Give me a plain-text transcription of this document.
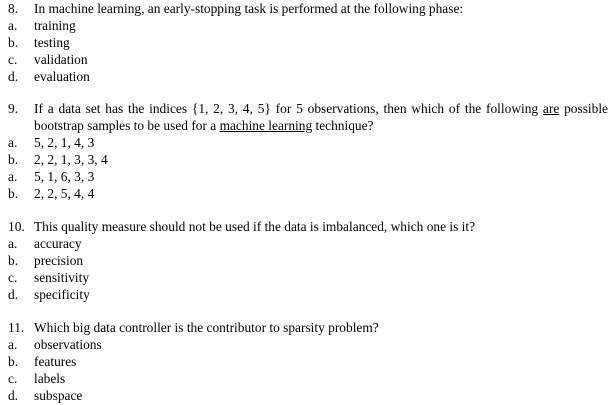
8. In machine learning, an early-stopping task is performed at the following phase:
a. training
b. testing
c. validation
d. evaluation
9. If a data set has the indices {1, 2, 3, 4, 5} for 5 observations, then which of the following are possible bootstrap samples to be used for a machine learning technique?
a. 5, 2, 1, 4, 3
b. 2, 2, 1, 3, 3, 4
a. 5, 1, 6, 3, 3
b. 2, 2, 5, 4, 4
10. This quality measure should not be used if the data is imbalanced, which one is it?
a. accuracy
b. precision
c. sensitivity
d. specificity
11. Which big data controller is the contributor to sparsity problem?
a. observations
b. features
c. labels
d. subspace
